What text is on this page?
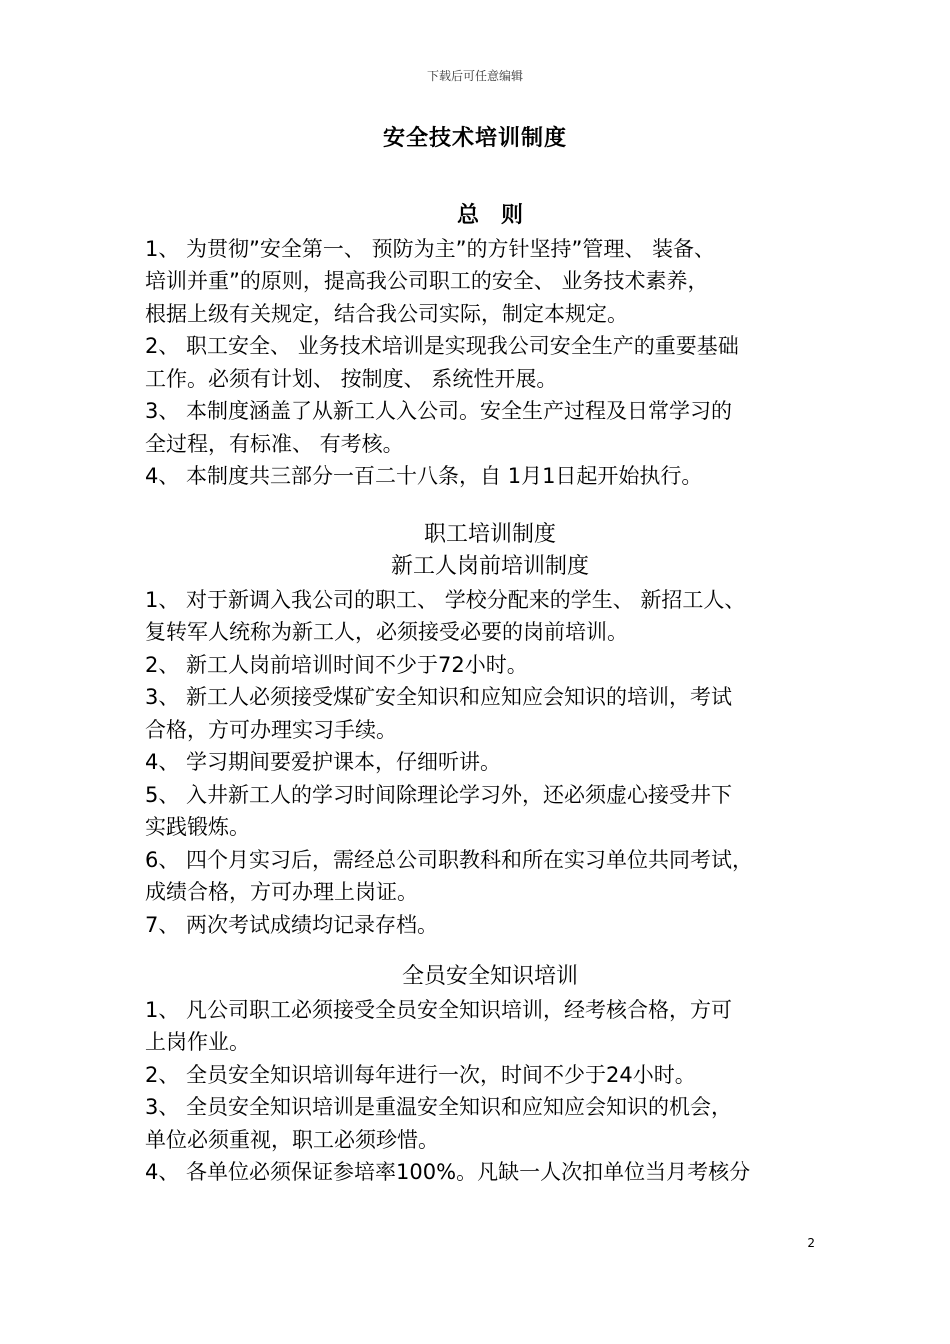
下载后可任意编辑
安全技术培训制度

总则

1、 为贯彻”安全第一、 预防为主”的方针坚持”管理、 装备、

培训并重”的原则，提高我公司职工的安全、 业务技术素养，

根据上级有关规定，结合我公司实际，制定本规定。

2、 职工安全、 业务技术培训是实现我公司安全生产的重要基础

工作。必须有计划、 按制度、 系统性开展。

3、 本制度涵盖了从新工人入公司。安全生产过程及日常学习的

全过程，有标准、 有考核。

4、 本制度共三部分一百二十八条，自 1月1日起开始执行。

职工培训制度

新工人岗前培训制度

1、 对于新调入我公司的职工、 学校分配来的学生、 新招工人、

复转军人统称为新工人，必须接受必要的岗前培训。

2、 新工人岗前培训时间不少于72小时。

3、 新工人必须接受煤矿安全知识和应知应会知识的培训，考试

合格，方可办理实习手续。

4、 学习期间要爱护课本，仔细听讲。

5、 入井新工人的学习时间除理论学习外，还必须虚心接受井下

实践锻炼。

6、 四个月实习后，需经总公司职教科和所在实习单位共同考试，

成绩合格，方可办理上岗证。

7、 两次考试成绩均记录存档。

全员安全知识培训

1、 凡公司职工必须接受全员安全知识培训，经考核合格，方可

上岗作业。

2、 全员安全知识培训每年进行一次，时间不少于24小时。

3、 全员安全知识培训是重温安全知识和应知应会知识的机会，

单位必须重视，职工必须珍惜。

4、 各单位必须保证参培率100%。凡缺一人次扣单位当月考核分

2
